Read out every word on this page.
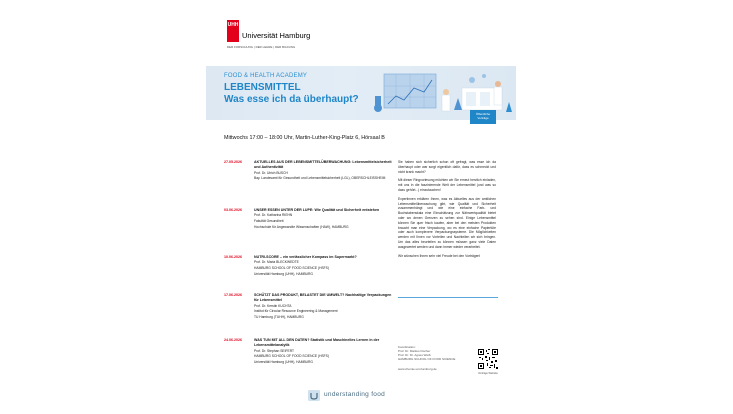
UHH
Universität Hamburg
DER FORSCHUNG | DER LEHRE | DER BILDUNG
FOOD & HEALTH ACADEMY
LEBENSMITTEL
Was esse ich da überhaupt?
Öffentliche Vorträge
Mittwochs 17:00 – 18:00 Uhr, Martin-Luther-King-Platz 6, Hörsaal B
27.05.2026	AKTUELLES AUS DER LEBENSMITTELÜBERWACHUNG: Lebensmittelsicherheit und Authentizität
Prof. Dr. Ulrich BUSCH
Bay. Landesamt für Gesundheit und Lebensmittelsicherheit (LGL), OBERSCHLEISSHEIM
03.06.2026	UNSER ESSEN UNTER DER LUPE: Wie Qualität und Sicherheit entstehen
Prof. Dr. Katharina RIEHN
Fakultät Gesundheit
Hochschule für Angewandte Wissenschaften (HAW), HAMBURG
10.06.2026	NUTRI-SCORE – ein verlässlicher Kompass im Supermarkt?
Prof. Dr. Maria BLECKWEDTE
HAMBURG SCHOOL OF FOOD SCIENCE (HSFS)
Universität Hamburg (UHH), HAMBURG
17.06.2026	SCHÜTZT DAS PRODUKT, BELASTET DIE UMWELT? Nachhaltige Verpackungen für Lebensmittel
Prof. Dr. Kerstin KUCHTA
Institut für Circular Resource Engineering & Management
TU Hamburg (TUHH), HAMBURG
24.06.2026	WAS TUN MIT ALL DEN DATEN? Statistik und Maschinelles Lernen in der Lebensmittelanalytik
Prof. Dr. Stephan SEIFERT
HAMBURG SCHOOL OF FOOD SCIENCE (HSFS)
Universität Hamburg (UHH), HAMBURG

Sie haben sich sicherlich schon oft gefragt, was esse ich da überhaupt oder war sorgt eigentlich dafür, dass es schmeckt und nicht krank macht?

Mit dieser Ringvorlesung möchten wir Sie erneut herzlich einladen, mit uns in die faszinierende Welt der Lebensmittel (und was so dazu gehört...) einzutauchen!

Expertinnen erklären Ihnen, was es Aktuelles aus der amtlichen Lebensmittelüberwachung gibt, wie Qualität und Sicherheit zusammenhängt und wie eine einfache Farb- und Buchstabenskala eine Einschätzung zur Nährwertqualität bietet oder wo denen Grenzen zu sehen sind. Einige Lebensmittel können Sie quer frisch kaufen, aber bei den meisten Produkten braucht man eine Verpackung, wo es eine einfache Papiertüte oder auch komplexere Verpackungssysteme. Die Möglichkeiten werden mit Ihnen vor Vorteilen und Nachteilen wir sich bringen. Um das alles beurteilen zu können müssen ganz viele Daten ausgewertet werden und dann immer wieder verarbeitet.

Wir wünschen Ihnen sehr viel Freude bei den Vorträgen!

Koordination:
Prof. Dr. Markus Fischer
Prof. Dr. Dr. Agnes Weiß
HAMBURG SCHOOL OF FOOD SCIENCE
www.chemie.uni-hamburg.de
Vorträge Website
understanding food
